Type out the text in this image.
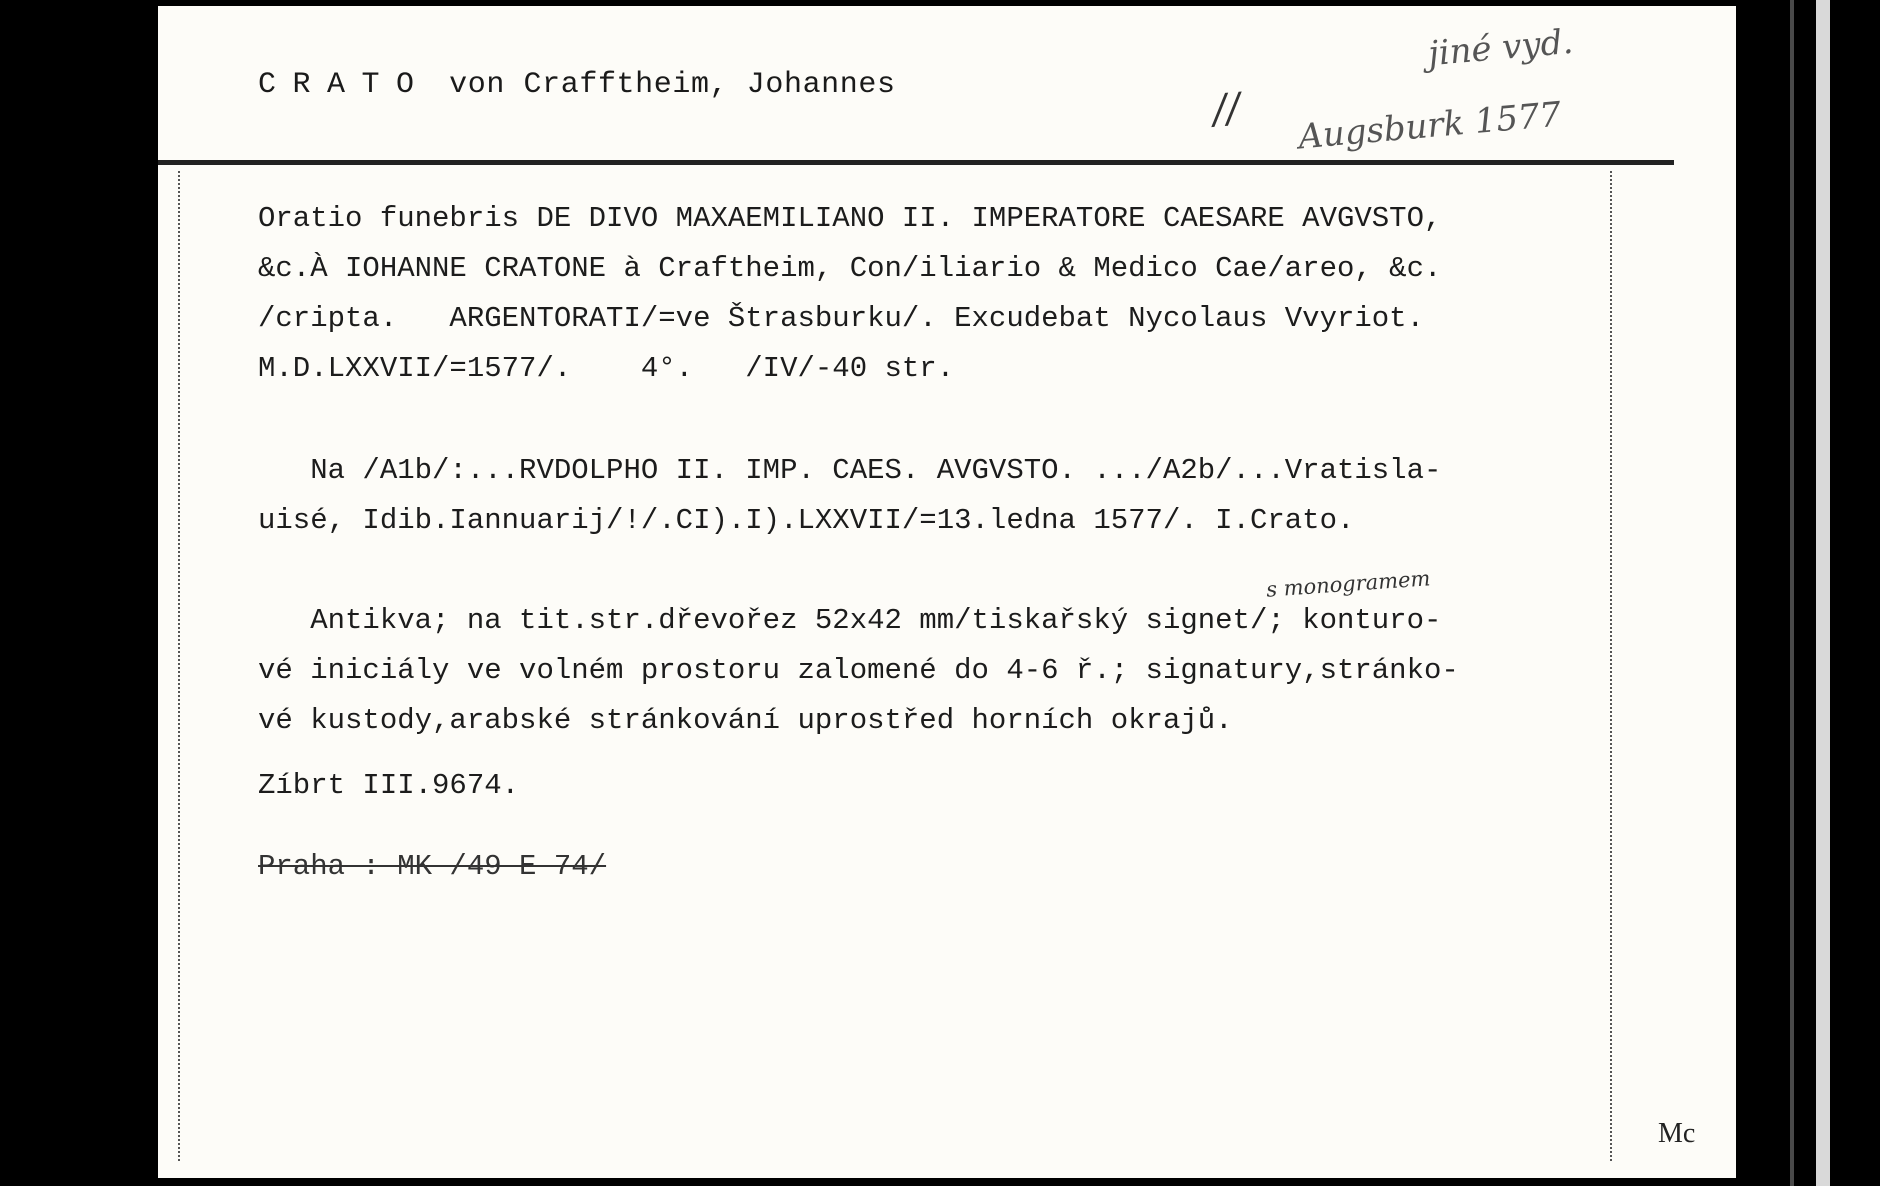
CRATO von Crafftheim, Johannes
jiné vyd.
// Augsburk 1577
Oratio funebris DE DIVO MAXAEMILIANO II. IMPERATORE CAESARE AVGVSTO,
&c.À IOHANNE CRATONE à Craftheim, Con/iliario & Medico Cae/areo, &c.
/cripta.   ARGENTORATI/=ve Štrasburku/. Excudebat Nycolaus Vvyriot.
M.D.LXXVII/=1577/.    4°.   /IV/-40 str.
Na /A1b/:...RVDOLPHO II. IMP. CAES. AVGVSTO. .../A2b/...Vratisla-
uisé, Idib.Iannuarij/!/.CI).I).LXXVII/=13.ledna 1577/. I.Crato.
s monogramem
Antikva; na tit.str.dřevořez 52x42 mm/tiskařský signet/; konturo-
vé iniciály ve volném prostoru zalomené do 4-6 ř.; signatury,stránko-
vé kustody,arabské stránkování uprostřed horních okrajů.
Zíbrt III.9674.
Praha : MK /49 E 74/
Mc
